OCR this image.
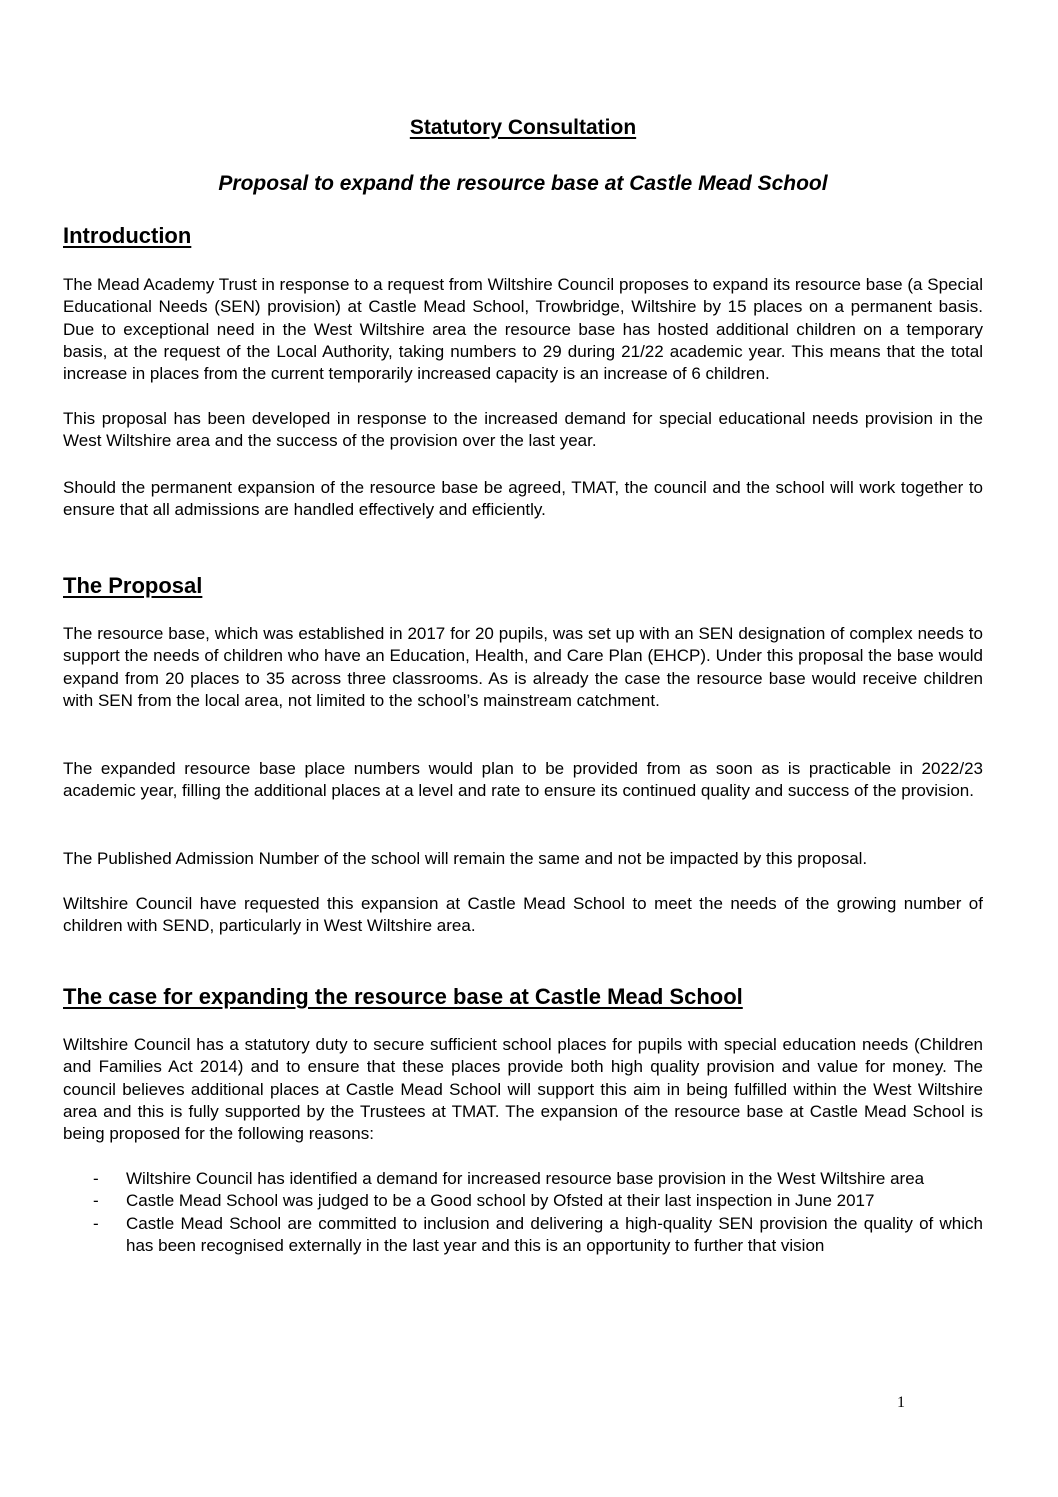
Statutory Consultation

Proposal to expand the resource base at Castle Mead School

Introduction

The Mead Academy Trust in response to a request from Wiltshire Council proposes to expand its resource base (a Special Educational Needs (SEN) provision) at Castle Mead School, Trowbridge, Wiltshire by 15 places on a permanent basis. Due to exceptional need in the West Wiltshire area the resource base has hosted additional children on a temporary basis, at the request of the Local Authority, taking numbers to 29 during 21/22 academic year. This means that the total increase in places from the current temporarily increased capacity is an increase of 6 children.

This proposal has been developed in response to the increased demand for special educational needs provision in the West Wiltshire area and the success of the provision over the last year.

Should the permanent expansion of the resource base be agreed, TMAT, the council and the school will work together to ensure that all admissions are handled effectively and efficiently.

The Proposal

The resource base, which was established in 2017 for 20 pupils, was set up with an SEN designation of complex needs to support the needs of children who have an Education, Health, and Care Plan (EHCP). Under this proposal the base would expand from 20 places to 35 across three classrooms. As is already the case the resource base would receive children with SEN from the local area, not limited to the school’s mainstream catchment.

The expanded resource base place numbers would plan to be provided from as soon as is practicable in 2022/23 academic year, filling the additional places at a level and rate to ensure its continued quality and success of the provision.

The Published Admission Number of the school will remain the same and not be impacted by this proposal.

Wiltshire Council have requested this expansion at Castle Mead School to meet the needs of the growing number of children with SEND, particularly in West Wiltshire area.

The case for expanding the resource base at Castle Mead School

Wiltshire Council has a statutory duty to secure sufficient school places for pupils with special education needs (Children and Families Act 2014) and to ensure that these places provide both high quality provision and value for money. The council believes additional places at Castle Mead School will support this aim in being fulfilled within the West Wiltshire area and this is fully supported by the Trustees at TMAT. The expansion of the resource base at Castle Mead School is being proposed for the following reasons:

- Wiltshire Council has identified a demand for increased resource base provision in the West Wiltshire area
- Castle Mead School was judged to be a Good school by Ofsted at their last inspection in June 2017
- Castle Mead School are committed to inclusion and delivering a high-quality SEN provision the quality of which has been recognised externally in the last year and this is an opportunity to further that vision

1
